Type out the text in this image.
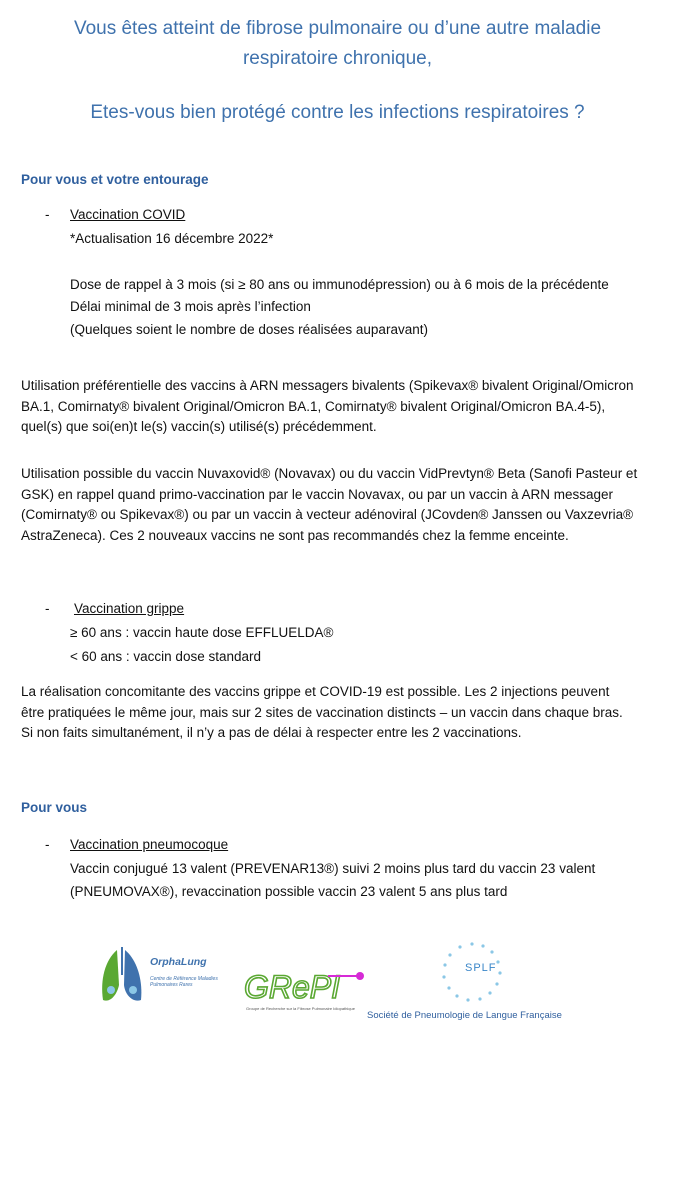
Vous êtes atteint de fibrose pulmonaire ou d’une autre maladie
respiratoire chronique,
Etes-vous bien protégé contre les infections respiratoires ?
Pour vous et votre entourage
- Vaccination COVID
*Actualisation 16 décembre 2022*
Dose de rappel à 3 mois (si ≥ 80 ans ou immunodépression) ou à 6 mois de la précédente
Délai minimal de 3 mois après l’infection
(Quelques soient le nombre de doses réalisées auparavant)
Utilisation préférentielle des vaccins à ARN messagers bivalents (Spikevax® bivalent Original/Omicron
BA.1, Comirnaty® bivalent Original/Omicron BA.1, Comirnaty® bivalent Original/Omicron BA.4-5),
quel(s) que soi(en)t le(s) vaccin(s) utilisé(s) précédemment.
Utilisation possible du vaccin Nuvaxovid® (Novavax) ou du vaccin VidPrevtyn® Beta (Sanofi Pasteur et
GSK) en rappel quand primo-vaccination par le vaccin Novavax, ou par un vaccin à ARN messager
(Comirnaty® ou Spikevax®) ou par un vaccin à vecteur adénoviral (JCovden® Janssen ou Vaxzevria®
AstraZeneca). Ces 2 nouveaux vaccins ne sont pas recommandés chez la femme enceinte.
- Vaccination grippe
≥ 60 ans : vaccin haute dose EFFLUELDA®
< 60 ans : vaccin dose standard
La réalisation concomitante des vaccins grippe et COVID-19 est possible. Les 2 injections peuvent
être pratiquées le même jour, mais sur 2 sites de vaccination distincts – un vaccin dans chaque bras.
Si non faits simultanément, il n’y a pas de délai à respecter entre les 2 vaccinations.
Pour vous
- Vaccination pneumocoque
Vaccin conjugué 13 valent (PREVENAR13®) suivi 2 moins plus tard du vaccin 23 valent
(PNEUMOVAX®), revaccination possible vaccin 23 valent 5 ans plus tard
OrphaLung
Centre de Référence Maladies Pulmonaires Rares	GRePI
Groupe de Recherche sur la Fibrose Pulmonaire Idiopathique
SPLF
Société de Pneumologie de Langue Française
